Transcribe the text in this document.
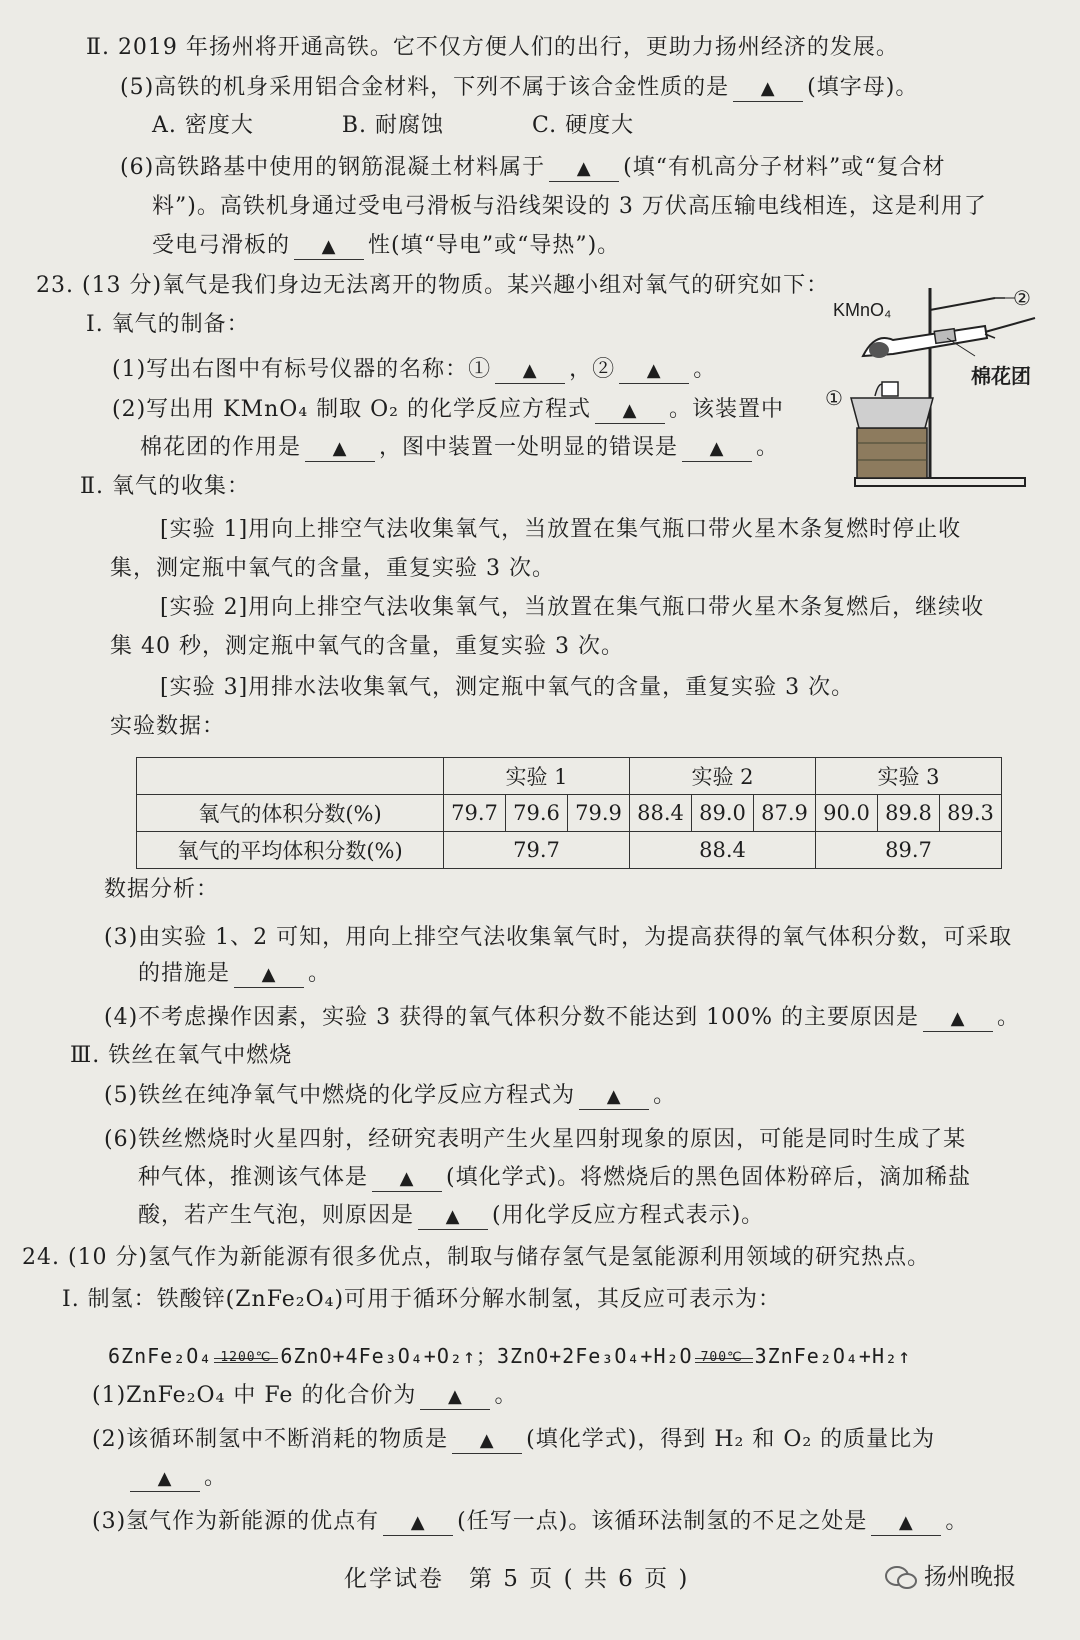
Ⅱ. 2019 年扬州将开通高铁。它不仅方便人们的出行，更助力扬州经济的发展。
(5)高铁的机身采用铝合金材料，下列不属于该合金性质的是 ▲ (填字母)。
A. 密度大	B. 耐腐蚀	C. 硬度大
(6)高铁路基中使用的钢筋混凝土材料属于 ▲ (填“有机高分子材料”或“复合材
料”)。高铁机身通过受电弓滑板与沿线架设的 3 万伏高压输电线相连，这是利用了
受电弓滑板的 ▲ 性(填“导电”或“导热”)。
23. (13 分)氧气是我们身边无法离开的物质。某兴趣小组对氧气的研究如下：
Ⅰ. 氧气的制备：
(1)写出右图中有标号仪器的名称：① ▲ ，② ▲ 。
(2)写出用 KMnO₄ 制取 O₂ 的化学反应方程式 ▲ 。该装置中
棉花团的作用是 ▲ ，图中装置一处明显的错误是 ▲ 。
KMnO₄
棉花团
①
②
Ⅱ. 氧气的收集：
[实验 1]用向上排空气法收集氧气，当放置在集气瓶口带火星木条复燃时停止收
集，测定瓶中氧气的含量，重复实验 3 次。
[实验 2]用向上排空气法收集氧气，当放置在集气瓶口带火星木条复燃后，继续收
集 40 秒，测定瓶中氧气的含量，重复实验 3 次。
[实验 3]用排水法收集氧气，测定瓶中氧气的含量，重复实验 3 次。
实验数据：
	实验 1			实验 2			实验 3		
氧气的体积分数(%)	79.7	79.6	79.9	88.4	89.0	87.9	90.0	89.8	89.3
氧气的平均体积分数(%)	79.7			88.4			89.7		
数据分析：
(3)由实验 1、2 可知，用向上排空气法收集氧气时，为提高获得的氧气体积分数，可采取
的措施是 ▲ 。
(4)不考虑操作因素，实验 3 获得的氧气体积分数不能达到 100% 的主要原因是 ▲ 。
Ⅲ. 铁丝在氧气中燃烧
(5)铁丝在纯净氧气中燃烧的化学反应方程式为 ▲ 。
(6)铁丝燃烧时火星四射，经研究表明产生火星四射现象的原因，可能是同时生成了某
种气体，推测该气体是 ▲ (填化学式)。将燃烧后的黑色固体粉碎后，滴加稀盐
酸，若产生气泡，则原因是 ▲ (用化学反应方程式表示)。
24. (10 分)氢气作为新能源有很多优点，制取与储存氢气是氢能源利用领域的研究热点。
Ⅰ. 制氢：铁酸锌(ZnFe₂O₄)可用于循环分解水制氢，其反应可表示为：
6ZnFe₂O₄ 1200℃ 6ZnO+4Fe₃O₄+O₂↑；3ZnO+2Fe₃O₄+H₂O 700℃ 3ZnFe₂O₄+H₂↑
(1)ZnFe₂O₄ 中 Fe 的化合价为 ▲ 。
(2)该循环制氢中不断消耗的物质是 ▲ (填化学式)，得到 H₂ 和 O₂ 的质量比为
▲ 。
(3)氢气作为新能源的优点有 ▲ (任写一点)。该循环法制氢的不足之处是 ▲ 。
化学试卷　第 5 页 ( 共 6 页 )	扬州晚报
